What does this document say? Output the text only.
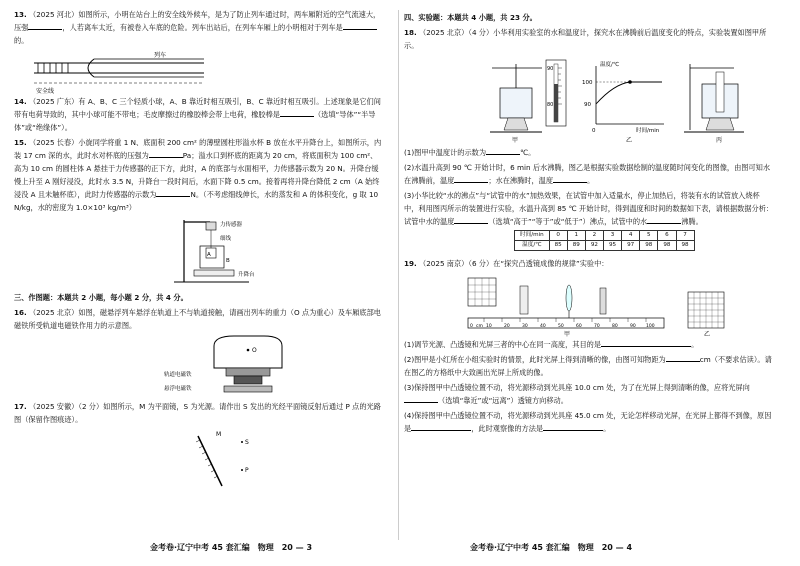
13. （2025 河北）如图所示，小明在站台上的安全线外候车，是为了防止列车通过时，两车厢附近的空气流速大，压强	，人若离车太近，有被卷入车底的危险。列车出站后，在列车车厢上的小明相对于列车是的。
列车
安全线
14. （2025 广东）有 A、B、C 三个轻质小球，A、B 靠近时相互吸引，B、C 靠近时相互吸引。上述现象是它们间带有电荷导致的，其中小球可能不带电；毛皮摩擦过的橡胶棒会带上电荷，橡胶棒是	（选填“导体”“半导体”或“绝缘体”）。
15. （2025 长春）小旋同学将重 1 N、底面积 200 cm² 的薄壁圆柱形溢水杯 B 放在水平升降台上，如图所示，内装 17 cm 深的水，此时水对杯底的压强为	Pa；溢水口到杯底的距离为 20 cm，将底面积为 100 cm²、高为 10 cm 的圆柱体 A 悬挂于力传感器的正下方，此时，A 的底部与水面相平，力传感器示数为 20 N。升降台缓慢上升至 A 刚好浸没，此时水 3.5 N，升降台一段时间后，水面下降 0.5 cm。接着再将升降台降低 2 cm（A 始终浸没 A 且未触杯底），此时力传感器的示数为	N。（不考虑细线伸长，水的蒸发和 A 的体积变化，g 取 10 N/kg，水的密度为 1.0×10³ kg/m³）
力传感器
细线
A
B
升降台
三、作图题：本题共 2 小题，每小题 2 分，共 4 分。
16. （2025 北京）如图，磁悬浮列车悬浮在轨道上不与轨道接触，请画出列车的重力（O 点为重心）及车厢底部电磁铁所受轨道电磁铁作用力的示意图。
O
轨道电磁铁
悬浮电磁铁
17. （2025 安徽）（2 分）如图所示，M 为平面镜，S 为光源。请作出 S 发出的光经平面镜反射后通过 P 点的光路图（保留作图痕迹）。
M
S
P
四、实验题：本题共 4 小题，共 23 分。
18. （2025 北京）（4 分）小华利用实验室的水和温度计，探究水在沸腾前后温度变化的特点，实验装置如图甲所示。
甲
90
80
温度/℃
100
90
0	时间/min
乙	丙
(1)图甲中温度计的示数为	℃。
(2)水温升高到 90 ℃ 开始计时，6 min 后水沸腾，图乙是根据实验数据绘制的温度随时间变化的图像，由图可知水在沸腾前，温度	；水在沸腾时，温度	。
(3)小华比较“水的沸点”与“试管中的水”加热效果，在试管中加入适量水，停止加热后，将装有水的试管放入烧杯中，利用图丙所示的装置进行实验，水温升高到 85 ℃ 开始计时，得到温度和时间的数据如下表，请根据数据分析：试管中水的温度	（选填“高于”“等于”或“低于”）沸点，试管中的水	沸腾。
时间/min	0	1	2	3	4	5	6	7
温度/℃	85	89	92	95	97	98	98	98
19. （2025 南京）（6 分）在“探究凸透镜成像的规律”实验中：
0 cm 10	20	30	40	50	60	70	80	90 100
甲	乙
(1)调节光源、凸透镜和光屏三者的中心在同一高度，其目的是	。
(2)图甲是小红所在小组实验时的情景，此时光屏上得到清晰的像，由图可知物距为	cm（不要求估读）。请在图乙的方格纸中大致画出光屏上所成的像。
(3)保持图甲中凸透镜位置不动，将光源移动到光具座 10.0 cm 处，为了在光屏上得到清晰的像，应将光屏向（选填“靠近”或“远离”）透镜方向移动。
(4)保持图甲中凸透镜位置不动，将光源移动到光具座 45.0 cm 处，无论怎样移动光屏，在光屏上都得不到像，原因是	，此时观察像的方法是	。
金考卷·辽宁中考 45 套汇编　物理　20 — 3	金考卷·辽宁中考 45 套汇编　物理　20 — 4
